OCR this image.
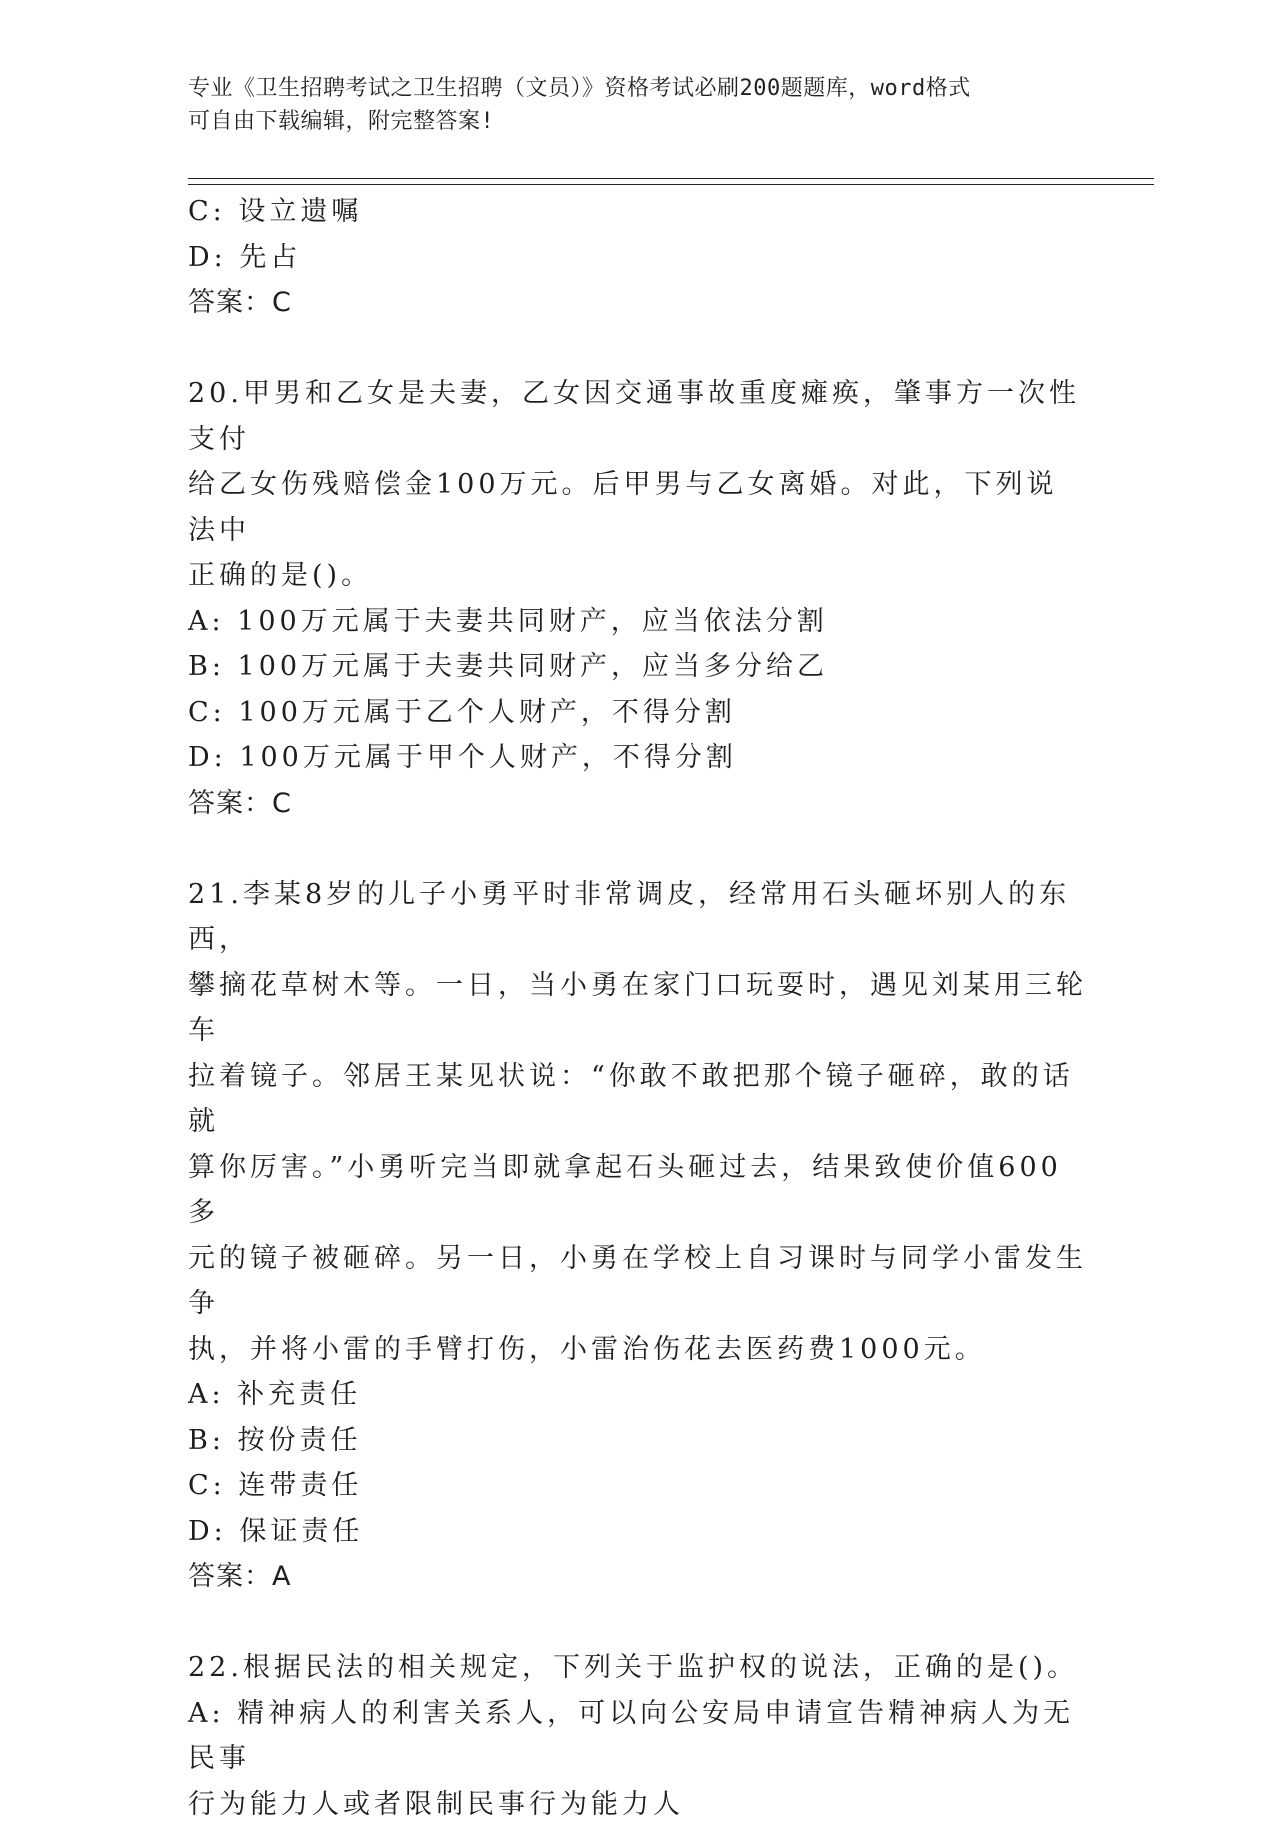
专业《卫生招聘考试之卫生招聘（文员）》资格考试必刷200题题库，word格式

可自由下载编辑，附完整答案!

C: 设立遗嘱

D: 先占

答案：C

20.甲男和乙女是夫妻，乙女因交通事故重度瘫痪，肇事方一次性支付

给乙女伤残赔偿金100万元。后甲男与乙女离婚。对此，下列说法中

正确的是()。

A: 100万元属于夫妻共同财产，应当依法分割

B: 100万元属于夫妻共同财产，应当多分给乙

C: 100万元属于乙个人财产，不得分割

D: 100万元属于甲个人财产，不得分割

答案：C

21.李某8岁的儿子小勇平时非常调皮，经常用石头砸坏别人的东西，

攀摘花草树木等。一日，当小勇在家门口玩耍时，遇见刘某用三轮车

拉着镜子。邻居王某见状说：“你敢不敢把那个镜子砸碎，敢的话就

算你厉害。”小勇听完当即就拿起石头砸过去，结果致使价值600多

元的镜子被砸碎。另一日，小勇在学校上自习课时与同学小雷发生争

执，并将小雷的手臂打伤，小雷治伤花去医药费1000元。

A: 补充责任

B: 按份责任

C: 连带责任

D: 保证责任

答案：A

22.根据民法的相关规定，下列关于监护权的说法，正确的是()。

A: 精神病人的利害关系人，可以向公安局申请宣告精神病人为无民事

行为能力人或者限制民事行为能力人
